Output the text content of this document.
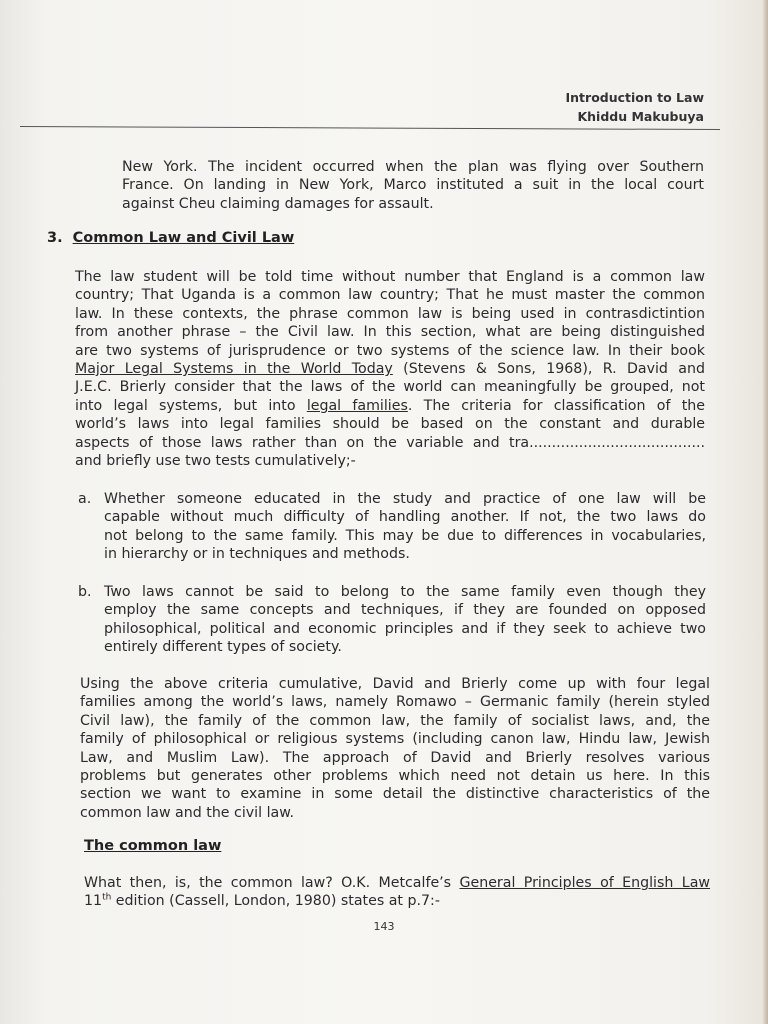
Introduction to Law
Khiddu Makubuya
New York. The incident occurred when the plan was flying over Southern
France. On landing in New York, Marco instituted a suit in the local court
against Cheu claiming damages for assault.
3. Common Law and Civil Law
The law student will be told time without number that England is a common law
country; That Uganda is a common law country; That he must master the common
law. In these contexts, the phrase common law is being used in contrasdictintion
from another phrase – the Civil law. In this section, what are being distinguished
are two systems of jurisprudence or two systems of the science law. In their book
Major Legal Systems in the World Today (Stevens & Sons, 1968), R. David and
J.E.C. Brierly consider that the laws of the world can meaningfully be grouped, not
into legal systems, but into legal families. The criteria for classification of the
world’s laws into legal families should be based on the constant and durable
aspects of those laws rather than on the variable and tra.......................................
and briefly use two tests cumulatively;-
a. Whether someone educated in the study and practice of one law will be
capable without much difficulty of handling another. If not, the two laws do
not belong to the same family. This may be due to differences in vocabularies,
in hierarchy or in techniques and methods.
b. Two laws cannot be said to belong to the same family even though they
employ the same concepts and techniques, if they are founded on opposed
philosophical, political and economic principles and if they seek to achieve two
entirely different types of society.
Using the above criteria cumulative, David and Brierly come up with four legal
families among the world’s laws, namely Romawo – Germanic family (herein styled
Civil law), the family of the common law, the family of socialist laws, and, the
family of philosophical or religious systems (including canon law, Hindu law, Jewish
Law, and Muslim Law). The approach of David and Brierly resolves various
problems but generates other problems which need not detain us here. In this
section we want to examine in some detail the distinctive characteristics of the
common law and the civil law.
The common law
What then, is, the common law? O.K. Metcalfe’s General Principles of English Law
11th edition (Cassell, London, 1980) states at p.7:-
143
